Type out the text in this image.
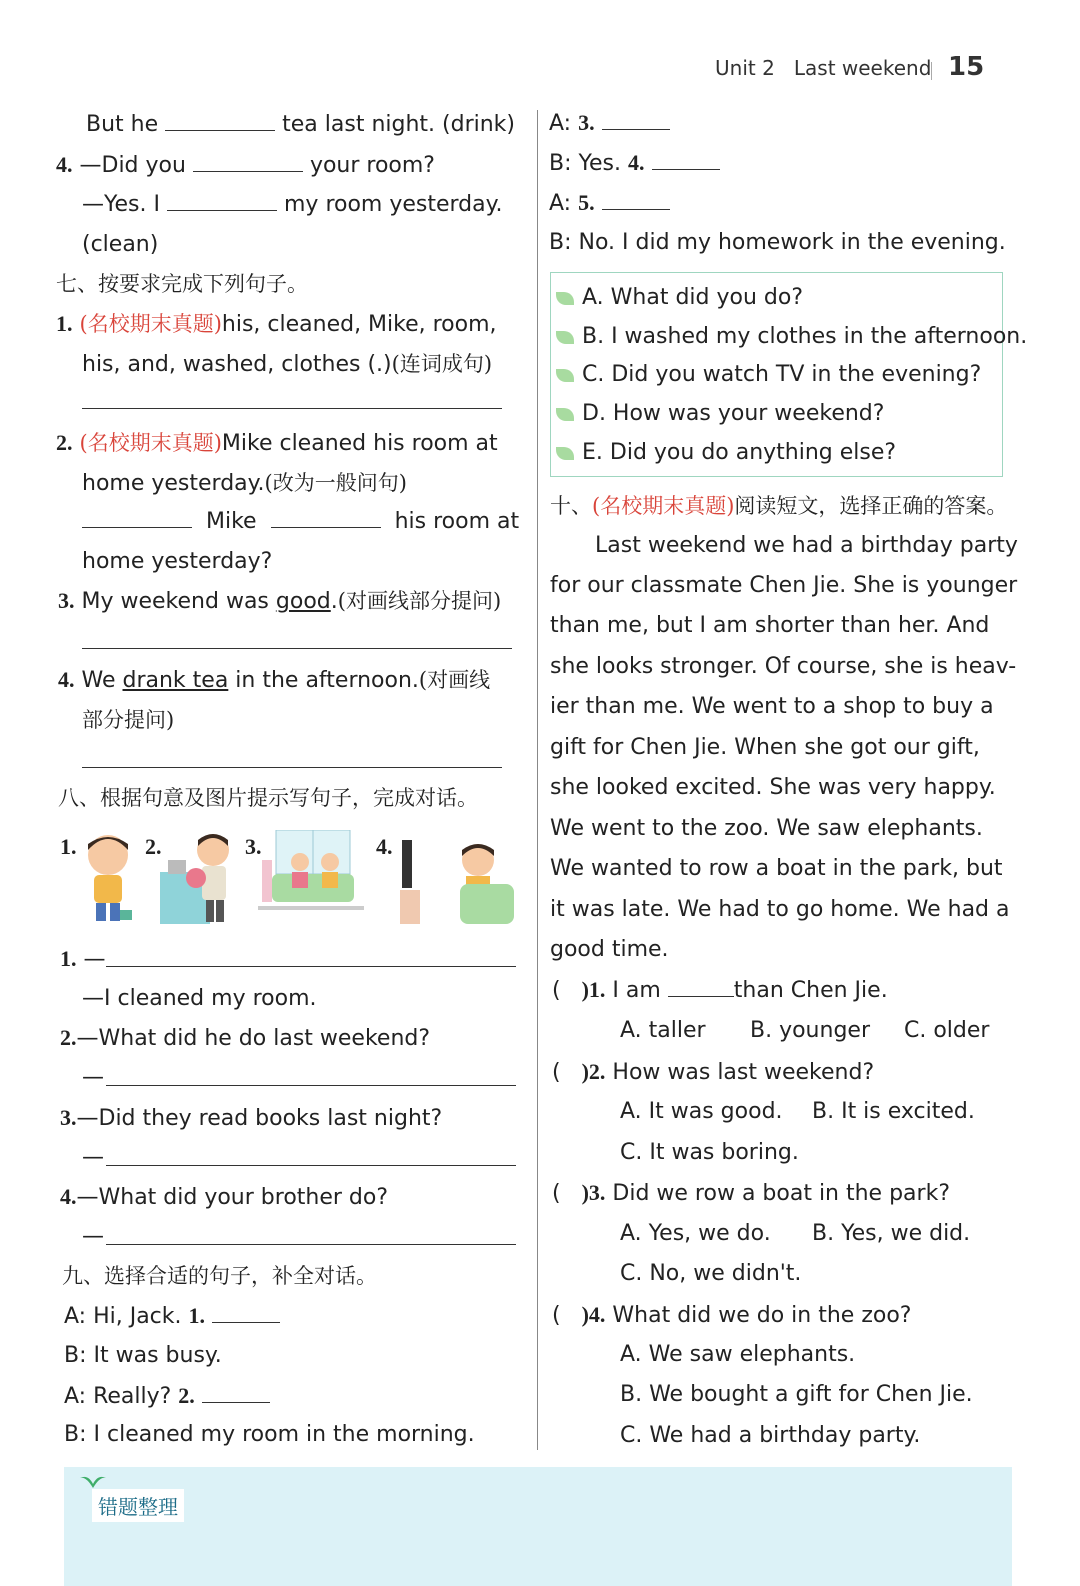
Unit 2 Last weekend 15
But he	tea last night. (drink)
4. —Did you	your room?
—Yes. I	my room yesterday.
(clean)
七、按要求完成下列句子。
1. (名校期末真题)his, cleaned, Mike, room,
his, and, washed, clothes (.)(连词成句)
2. (名校期末真题)Mike cleaned his room at
home yesterday.(改为一般问句)
Mike	his room at
home yesterday?
3. My weekend was good.(对画线部分提问)
4. We drank tea in the afternoon.(对画线
部分提问)
八、根据句意及图片提示写句子，完成对话。
1.	2.	3.	4.
1. —
—I cleaned my room.
2.—What did he do last weekend?
—
3.—Did they read books last night?
—
4.—What did your brother do?
—
九、选择合适的句子，补全对话。
A: Hi, Jack. 1.
B: It was busy.
A: Really? 2.
B: I cleaned my room in the morning.
A: 3.
B: Yes. 4.
A: 5.
B: No. I did my homework in the evening.
A. What did you do?
B. I washed my clothes in the afternoon.
C. Did you watch TV in the evening?
D. How was your weekend?
E. Did you do anything else?
十、(名校期末真题)阅读短文，选择正确的答案。
Last weekend we had a birthday party
for our classmate Chen Jie. She is younger
than me, but I am shorter than her. And
she looks stronger. Of course, she is heav-
ier than me. We went to a shop to buy a
gift for Chen Jie. When she got our gift,
she looked excited. She was very happy.
We went to the zoo. We saw elephants.
We wanted to row a boat in the park, but
it was late. We had to go home. We had a
good time.
( )1. I am	than Chen Jie.
A. taller B. younger C. older
( )2. How was last weekend?
A. It was good. B. It is excited.
C. It was boring.
( )3. Did we row a boat in the park?
A. Yes, we do. B. Yes, we did.
C. No, we didn't.
( )4. What did we do in the zoo?
A. We saw elephants.
B. We bought a gift for Chen Jie.
C. We had a birthday party.
错题整理
